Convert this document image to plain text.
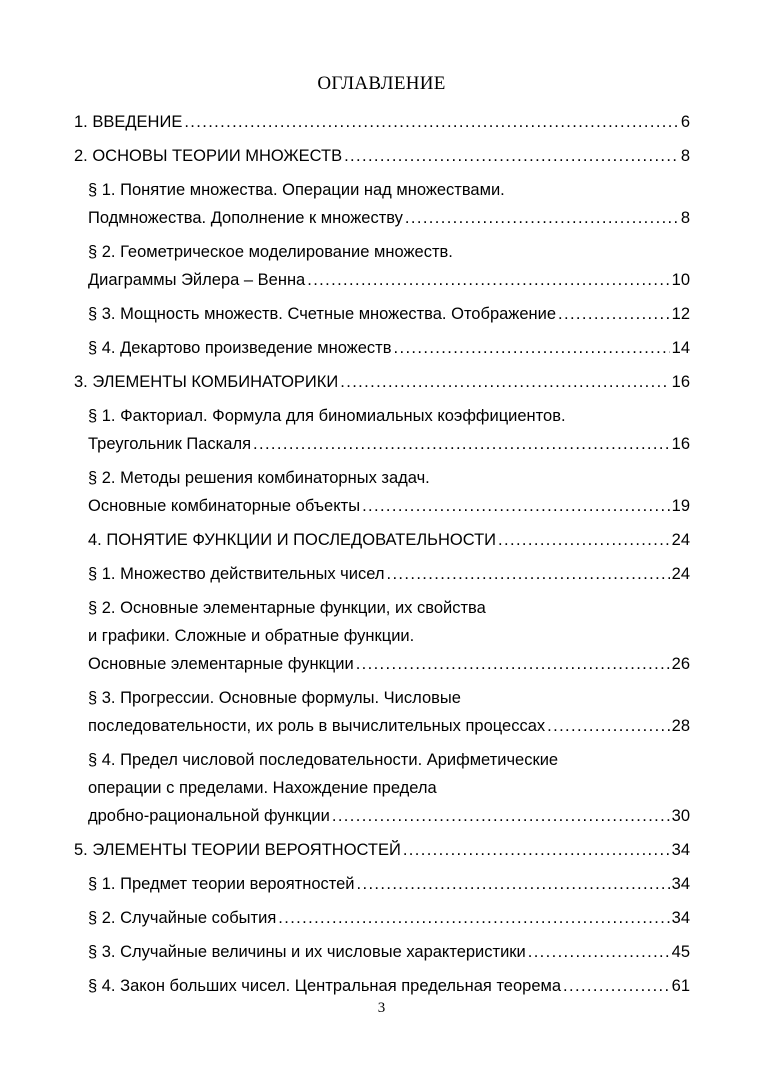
ОГЛАВЛЕНИЕ
1. ВВЕДЕНИЕ . . .	6
2. ОСНОВЫ ТЕОРИИ МНОЖЕСТВ . . .	8
§ 1. Понятие множества. Операции над множествами.
Подмножества. Дополнение к множеству . . .	8
§ 2. Геометрическое моделирование множеств.
Диаграммы Эйлера – Венна . . .	10
§ 3. Мощность множеств. Счетные множества. Отображение . . .	12
§ 4. Декартово произведение множеств . . .	14
3. ЭЛЕМЕНТЫ КОМБИНАТОРИКИ . . .	16
§ 1. Факториал. Формула для биномиальных коэффициентов.
Треугольник Паскаля . . .	16
§ 2. Методы решения комбинаторных задач.
Основные комбинаторные объекты . . .	19
4. ПОНЯТИЕ ФУНКЦИИ И ПОСЛЕДОВАТЕЛЬНОСТИ . . .	24
§ 1. Множество действительных чисел . . .	24
§ 2. Основные элементарные функции, их свойства
и графики. Сложные и обратные функции.
Основные элементарные функции . . .	26
§ 3. Прогрессии. Основные формулы. Числовые
последовательности, их роль в вычислительных процессах . . .	28
§ 4. Предел числовой последовательности. Арифметические
операции с пределами. Нахождение предела
дробно-рациональной функции . . .	30
5. ЭЛЕМЕНТЫ ТЕОРИИ ВЕРОЯТНОСТЕЙ . . .	34
§ 1. Предмет теории вероятностей . . .	34
§ 2. Случайные события . . .	34
§ 3. Случайные величины и их числовые характеристики . . .	45
§ 4. Закон больших чисел. Центральная предельная теорема . . .	61
3
